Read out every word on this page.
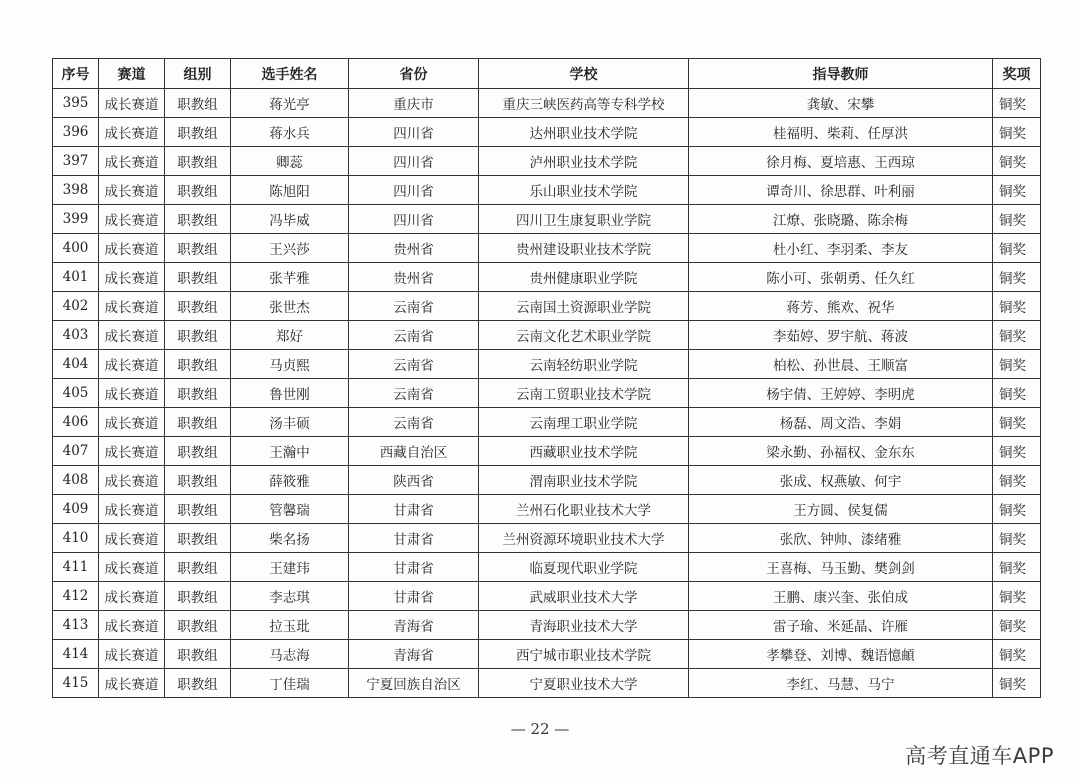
序号	赛道	组别	选手姓名	省份	学校	指导教师	奖项
395	成长赛道	职教组	蒋光亭	重庆市	重庆三峡医药高等专科学校	龚敏、宋攀	铜奖
396	成长赛道	职教组	蒋水兵	四川省	达州职业技术学院	桂福明、柴莉、任厚洪	铜奖
397	成长赛道	职教组	卿蕊	四川省	泸州职业技术学院	徐月梅、夏培惠、王西琼	铜奖
398	成长赛道	职教组	陈旭阳	四川省	乐山职业技术学院	谭奇川、徐思群、叶利丽	铜奖
399	成长赛道	职教组	冯毕威	四川省	四川卫生康复职业学院	江燎、张晓璐、陈余梅	铜奖
400	成长赛道	职教组	王兴莎	贵州省	贵州建设职业技术学院	杜小红、李羽柔、李友	铜奖
401	成长赛道	职教组	张芊雅	贵州省	贵州健康职业学院	陈小可、张朝勇、任久红	铜奖
402	成长赛道	职教组	张世杰	云南省	云南国土资源职业学院	蒋芳、熊欢、祝华	铜奖
403	成长赛道	职教组	郑好	云南省	云南文化艺术职业学院	李茹婷、罗宇航、蒋波	铜奖
404	成长赛道	职教组	马贞熙	云南省	云南轻纺职业学院	柏松、孙世晨、王顺富	铜奖
405	成长赛道	职教组	鲁世刚	云南省	云南工贸职业技术学院	杨宇倩、王婷婷、李明虎	铜奖
406	成长赛道	职教组	汤丰硕	云南省	云南理工职业学院	杨磊、周文浩、李娟	铜奖
407	成长赛道	职教组	王瀚中	西藏自治区	西藏职业技术学院	梁永勤、孙福权、金东东	铜奖
408	成长赛道	职教组	薛筱雅	陕西省	渭南职业技术学院	张成、权燕敏、何宇	铜奖
409	成长赛道	职教组	管馨瑞	甘肃省	兰州石化职业技术大学	王方圆、侯复儒	铜奖
410	成长赛道	职教组	柴名扬	甘肃省	兰州资源环境职业技术大学	张欣、钟帅、漆绪雅	铜奖
411	成长赛道	职教组	王建玮	甘肃省	临夏现代职业学院	王喜梅、马玉勤、樊剑剑	铜奖
412	成长赛道	职教组	李志琪	甘肃省	武威职业技术大学	王鹏、康兴奎、张伯成	铜奖
413	成长赛道	职教组	拉玉玭	青海省	青海职业技术大学	雷子瑜、米延晶、许雁	铜奖
414	成长赛道	职教组	马志海	青海省	西宁城市职业技术学院	孝攀登、刘博、魏语憶頔	铜奖
415	成长赛道	职教组	丁佳瑞	宁夏回族自治区	宁夏职业技术大学	李红、马慧、马宁	铜奖
— 22 —
高考直通车APP
